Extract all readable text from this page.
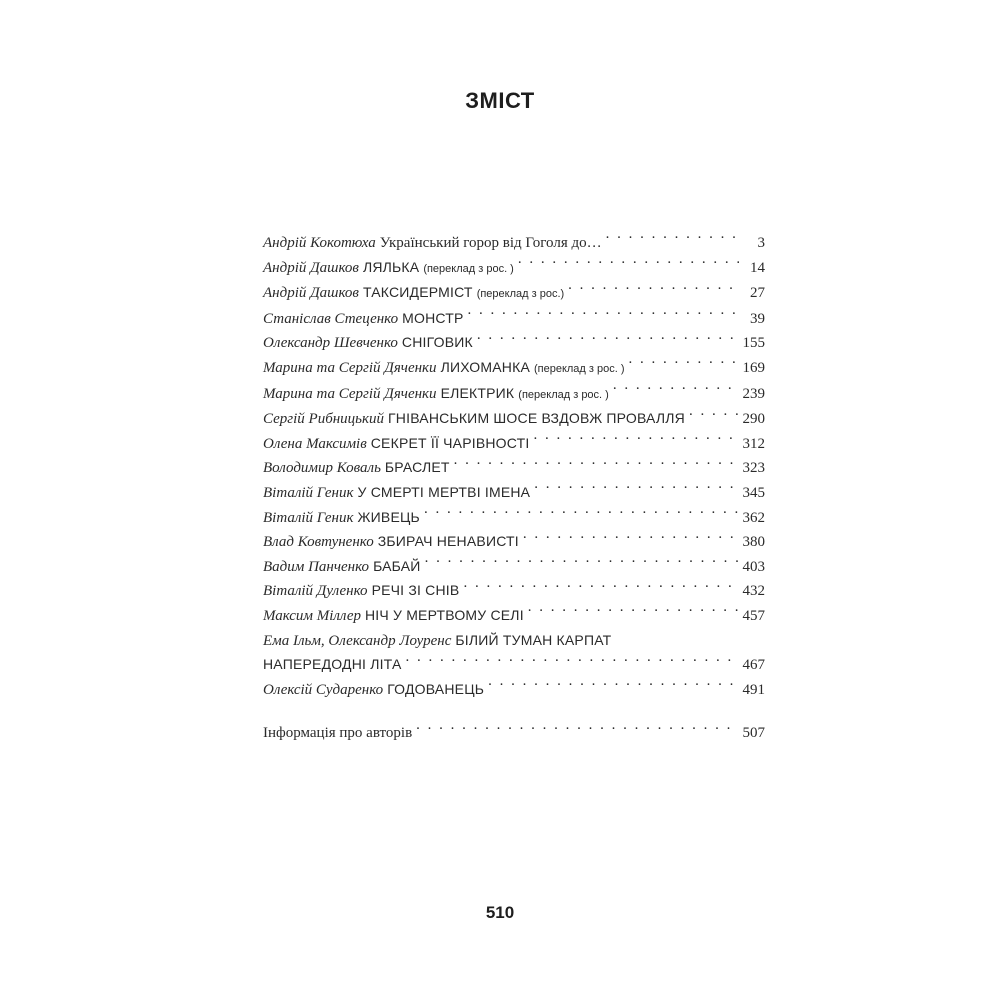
ЗМІСТ
Андрій Кокотюха Український горор від Гоголя до… . . .	3
Андрій Дашков ЛЯЛЬКА (переклад з рос. ) . . .	14
Андрій Дашков ТАКСИДЕРМІСТ (переклад з рос.) . . .	27
Станіслав Стеценко МОНСТР . . .	39
Олександр Шевченко СНІГОВИК . . .	155
Марина та Сергій Дяченки ЛИХОМАНКА (переклад з рос. ) . . .	169
Марина та Сергій Дяченки ЕЛЕКТРИК (переклад з рос. ) . . .	239
Сергій Рибницький ГНІВАНСЬКИМ ШОСЕ ВЗДОВЖ ПРОВАЛЛЯ . . .	290
Олена Максимів СЕКРЕТ ЇЇ ЧАРІВНОСТІ . . .	312
Володимир Коваль БРАСЛЕТ . . .	323
Віталій Геник У СМЕРТІ МЕРТВІ ІМЕНА . . .	345
Віталій Геник ЖИВЕЦЬ . . .	362
Влад Ковтуненко ЗБИРАЧ НЕНАВИСТІ . . .	380
Вадим Панченко БАБАЙ . . .	403
Віталій Дуленко РЕЧІ ЗІ СНІВ . . .	432
Максим Міллер НІЧ У МЕРТВОМУ СЕЛІ . . .	457
Ема Ільм, Олександр Лоуренс БІЛИЙ ТУМАН КАРПАТ
НАПЕРЕДОДНІ ЛІТА . . .	467
Олексій Сударенко ГОДОВАНЕЦЬ . . .	491
Інформація про авторів . . .	507
510
